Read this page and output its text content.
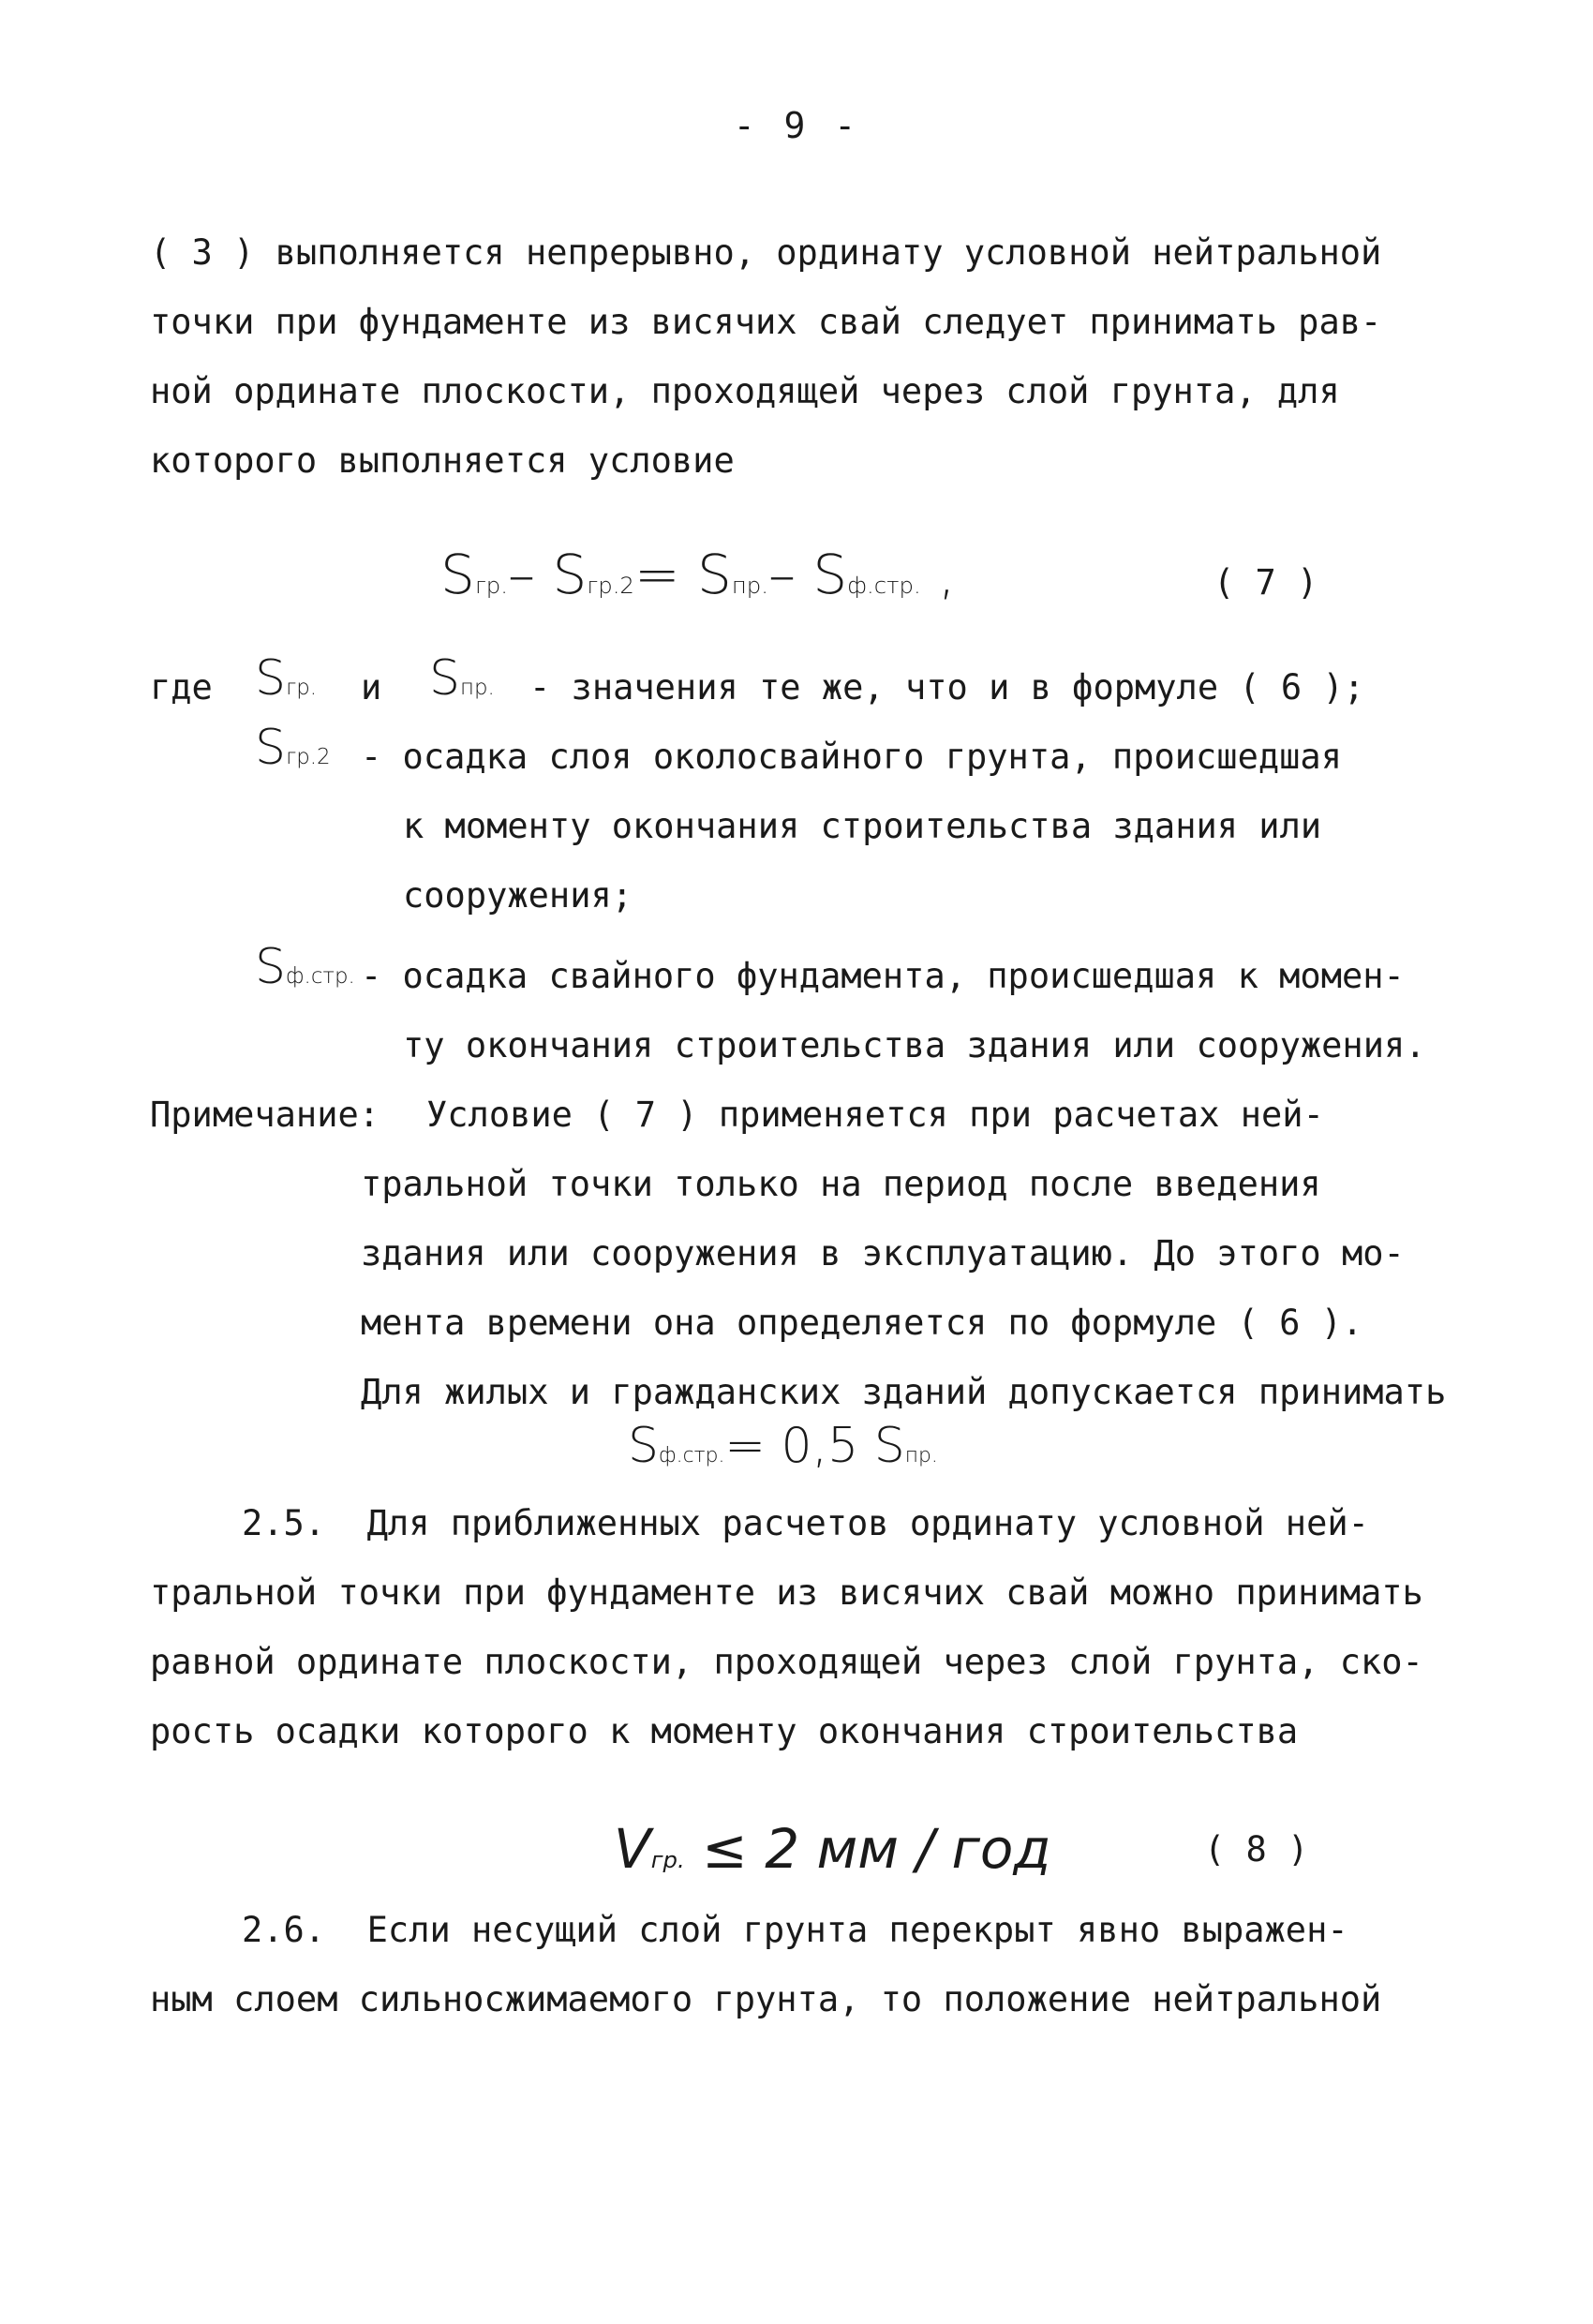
- 9 -
( 3 ) выполняется непрерывно, ординату условной нейтральной
точки при фундаменте из висячих свай следует принимать рав-
ной ординате плоскости, проходящей через слой грунта, для
которого выполняется условие
Sгр.– Sгр.2= Sпр.– Sф.стр. ,	( 7 )
где Sгр. и Sпр. - значения те же, что и в формуле ( 6 );
Sгр.2 - осадка слоя околосвайного грунта, происшедшая
к моменту окончания строительства здания или
сооружения;
Sф.стр. - осадка свайного фундамента, происшедшая к момен-
ту окончания строительства здания или сооружения.
Примечание: Условие ( 7 ) применяется при расчетах ней-
тральной точки только на период после введения
здания или сооружения в эксплуатацию. До этого мо-
мента времени она определяется по формуле ( 6 ).
Для жилых и гражданских зданий допускается принимать
Sф.стр.= 0,5 Sпр.
2.5.  Для приближенных расчетов ординату условной ней-
тральной точки при фундаменте из висячих свай можно принимать
равной ординате плоскости, проходящей через слой грунта, ско-
рость осадки которого к моменту окончания строительства
Vгр. ≤ 2 мм / год	( 8 )
2.6.  Если несущий слой грунта перекрыт явно выражен-
ным слоем сильносжимаемого грунта, то положение нейтральной
